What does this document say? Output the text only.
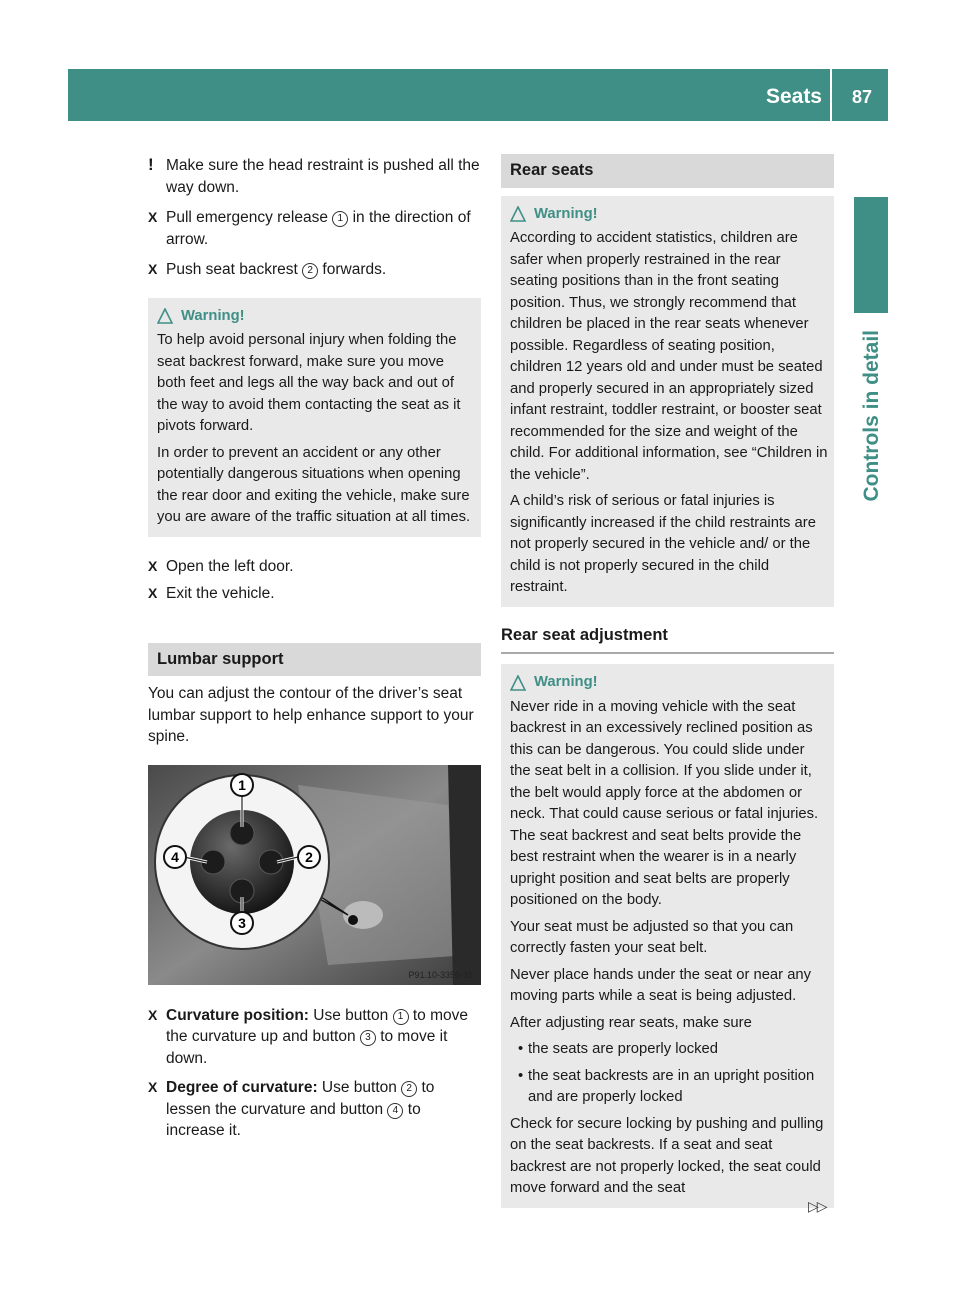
Seats 87
Controls in detail

! Make sure the head restraint is pushed all the way down.

X Pull emergency release 1 in the direction of arrow.

X Push seat backrest 2 forwards.

Warning!

To help avoid personal injury when folding the seat backrest forward, make sure you move both feet and legs all the way back and out of the way to avoid them contacting the seat as it pivots forward.

In order to prevent an accident or any other potentially dangerous situations when opening the rear door and exiting the vehicle, make sure you are aware of the traffic situation at all times.

X Open the left door.

X Exit the vehicle.

Lumbar support

You can adjust the contour of the driver’s seat lumbar support to help enhance support to your spine.

1
2
3
4
P91.10-3356-31

X Curvature position: Use button 1 to move the curvature up and button 3 to move it down.

X Degree of curvature: Use button 2 to lessen the curvature and button 4 to increase it.

Rear seats

Warning!

According to accident statistics, children are safer when properly restrained in the rear seating positions than in the front seating position. Thus, we strongly recommend that children be placed in the rear seats whenever possible. Regardless of seating position, children 12 years old and under must be seated and properly secured in an appropriately sized infant restraint, toddler restraint, or booster seat recommended for the size and weight of the child. For additional information, see “Children in the vehicle”.

A child’s risk of serious or fatal injuries is significantly increased if the child restraints are not properly secured in the vehicle and/ or the child is not properly secured in the child restraint.

Rear seat adjustment

Warning!

Never ride in a moving vehicle with the seat backrest in an excessively reclined position as this can be dangerous. You could slide under the seat belt in a collision. If you slide under it, the belt would apply force at the abdomen or neck. That could cause serious or fatal injuries. The seat backrest and seat belts provide the best restraint when the wearer is in a nearly upright position and seat belts are properly positioned on the body.

Your seat must be adjusted so that you can correctly fasten your seat belt.

Never place hands under the seat or near any moving parts while a seat is being adjusted.

After adjusting rear seats, make sure

• the seats are properly locked

• the seat backrests are in an upright position and are properly locked

Check for secure locking by pushing and pulling on the seat backrests. If a seat and seat backrest are not properly locked, the seat could move forward and the seat

▷▷
